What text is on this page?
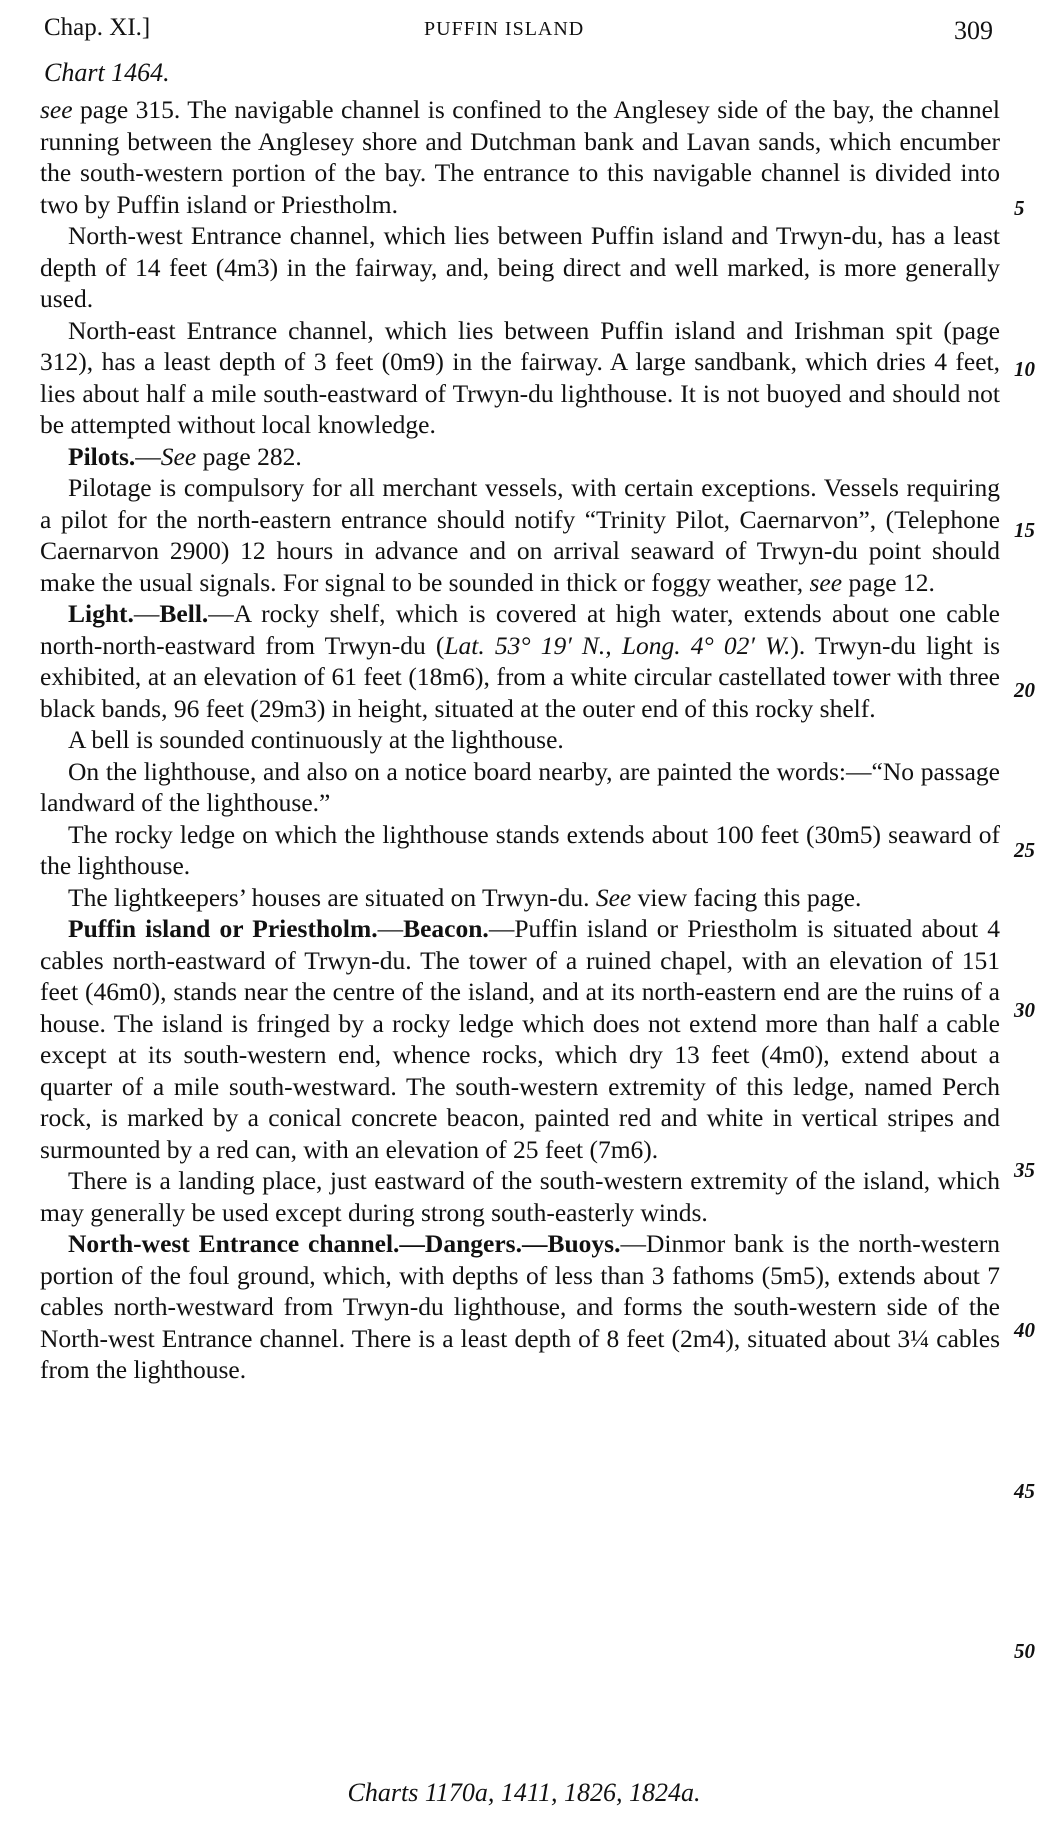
Chap. XI.]	PUFFIN ISLAND	309
Chart 1464.

see page 315. The navigable channel is confined to the Anglesey side of the bay, the channel running between the Anglesey shore and Dutchman bank and Lavan sands, which encumber the south-western portion of the bay. The entrance to this navigable channel is divided into two by Puffin island or Priestholm.

North-west Entrance channel, which lies between Puffin island and Trwyn-du, has a least depth of 14 feet (4m3) in the fairway, and, being direct and well marked, is more generally used.

North-east Entrance channel, which lies between Puffin island and Irishman spit (page 312), has a least depth of 3 feet (0m9) in the fairway. A large sandbank, which dries 4 feet, lies about half a mile south-eastward of Trwyn-du lighthouse. It is not buoyed and should not be attempted without local knowledge.

Pilots.—See page 282.

Pilotage is compulsory for all merchant vessels, with certain exceptions. Vessels requiring a pilot for the north-eastern entrance should notify “Trinity Pilot, Caernarvon”, (Telephone Caernarvon 2900) 12 hours in advance and on arrival seaward of Trwyn-du point should make the usual signals. For signal to be sounded in thick or foggy weather, see page 12.

Light.—Bell.—A rocky shelf, which is covered at high water, extends about one cable north-north-eastward from Trwyn-du (Lat. 53° 19′ N., Long. 4° 02′ W.). Trwyn-du light is exhibited, at an elevation of 61 feet (18m6), from a white circular castellated tower with three black bands, 96 feet (29m3) in height, situated at the outer end of this rocky shelf.

A bell is sounded continuously at the lighthouse.

On the lighthouse, and also on a notice board nearby, are painted the words:—“No passage landward of the lighthouse.”

The rocky ledge on which the lighthouse stands extends about 100 feet (30m5) seaward of the lighthouse.

The lightkeepers’ houses are situated on Trwyn-du. See view facing this page.

Puffin island or Priestholm.—Beacon.—Puffin island or Priestholm is situated about 4 cables north-eastward of Trwyn-du. The tower of a ruined chapel, with an elevation of 151 feet (46m0), stands near the centre of the island, and at its north-eastern end are the ruins of a house. The island is fringed by a rocky ledge which does not extend more than half a cable except at its south-western end, whence rocks, which dry 13 feet (4m0), extend about a quarter of a mile south-westward. The south-western extremity of this ledge, named Perch rock, is marked by a conical concrete beacon, painted red and white in vertical stripes and surmounted by a red can, with an elevation of 25 feet (7m6).

There is a landing place, just eastward of the south-western extremity of the island, which may generally be used except during strong south-easterly winds.

North-west Entrance channel.—Dangers.—Buoys.—Dinmor bank is the north-western portion of the foul ground, which, with depths of less than 3 fathoms (5m5), extends about 7 cables north-westward from Trwyn-du lighthouse, and forms the south-western side of the North-west Entrance channel. There is a least depth of 8 feet (2m4), situated about 3¼ cables from the lighthouse.

5
10
15
20
25
30
35
40
45
50
Charts 1170a, 1411, 1826, 1824a.
